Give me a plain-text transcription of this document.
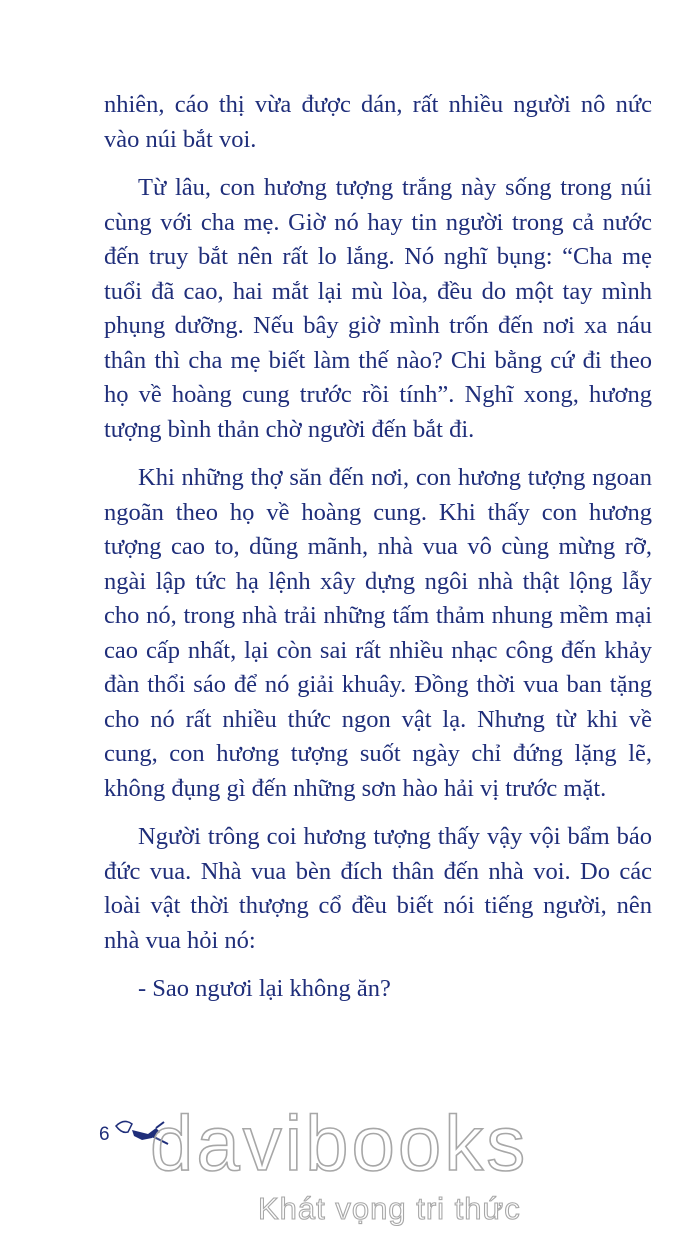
nhiên, cáo thị vừa được dán, rất nhiều người nô nức vào núi bắt voi.

Từ lâu, con hương tượng trắng này sống trong núi cùng với cha mẹ. Giờ nó hay tin người trong cả nước đến truy bắt nên rất lo lắng. Nó nghĩ bụng: “Cha mẹ tuổi đã cao, hai mắt lại mù lòa, đều do một tay mình phụng dưỡng. Nếu bây giờ mình trốn đến nơi xa náu thân thì cha mẹ biết làm thế nào? Chi bằng cứ đi theo họ về hoàng cung trước rồi tính”. Nghĩ xong, hương tượng bình thản chờ người đến bắt đi.

Khi những thợ săn đến nơi, con hương tượng ngoan ngoãn theo họ về hoàng cung. Khi thấy con hương tượng cao to, dũng mãnh, nhà vua vô cùng mừng rỡ, ngài lập tức hạ lệnh xây dựng ngôi nhà thật lộng lẫy cho nó, trong nhà trải những tấm thảm nhung mềm mại cao cấp nhất, lại còn sai rất nhiều nhạc công đến khảy đàn thổi sáo để nó giải khuây. Đồng thời vua ban tặng cho nó rất nhiều thức ngon vật lạ. Nhưng từ khi về cung, con hương tượng suốt ngày chỉ đứng lặng lẽ, không đụng gì đến những sơn hào hải vị trước mặt.

Người trông coi hương tượng thấy vậy vội bẩm báo đức vua. Nhà vua bèn đích thân đến nhà voi. Do các loài vật thời thượng cổ đều biết nói tiếng người, nên nhà vua hỏi nó:

- Sao ngươi lại không ăn?

6 davibooks
Khát vọng tri thức
